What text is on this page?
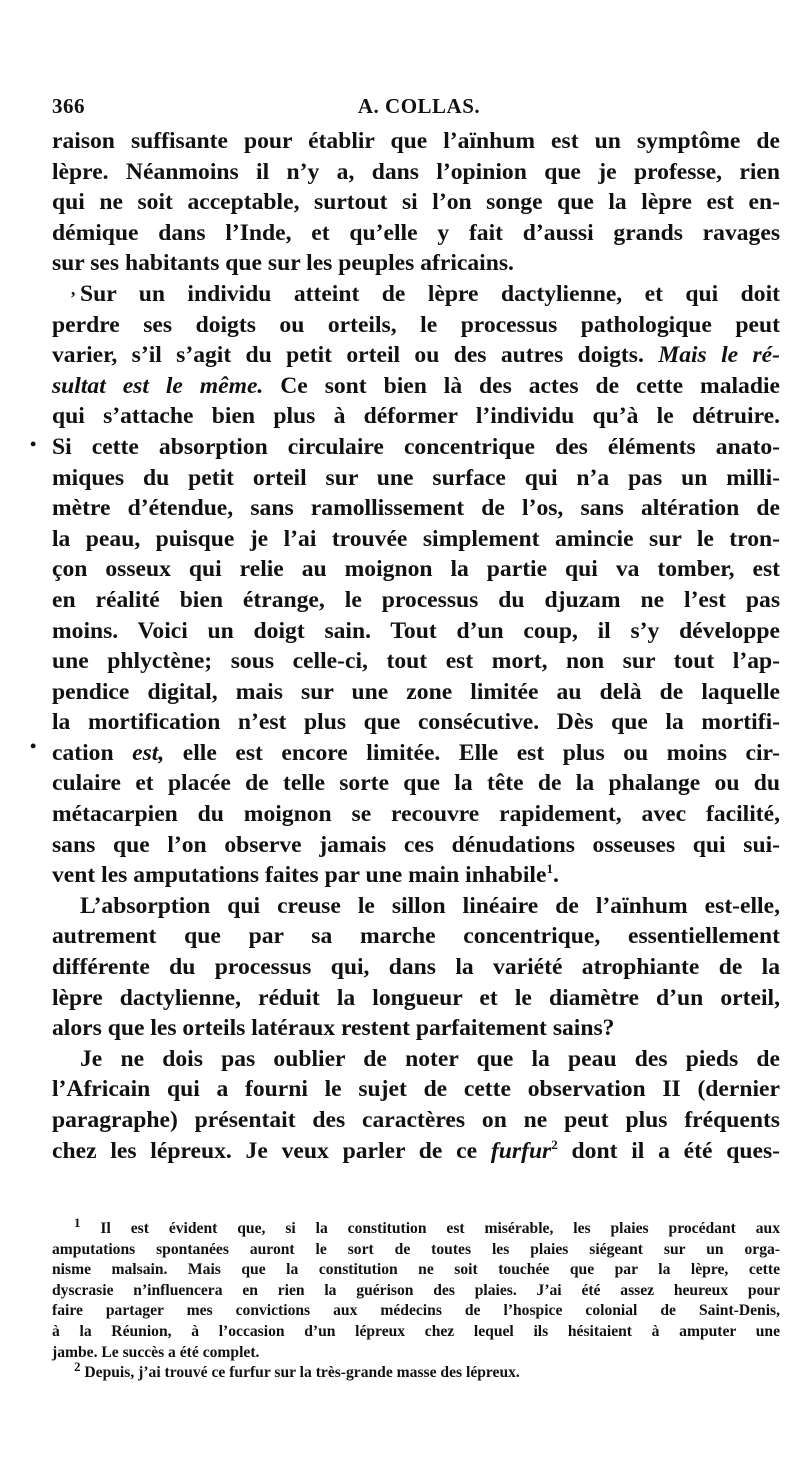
366	A. COLLAS.
’
•
•
raison suffisante pour établir que l’aïnhum est un symptôme de
lèpre. Néanmoins il n’y a, dans l’opinion que je professe, rien
qui ne soit acceptable, surtout si l’on songe que la lèpre est en-
démique dans l’Inde, et qu’elle y fait d’aussi grands ravages
sur ses habitants que sur les peuples africains.
Sur un individu atteint de lèpre dactylienne, et qui doit
perdre ses doigts ou orteils, le processus pathologique peut
varier, s’il s’agit du petit orteil ou des autres doigts. Mais le ré-
sultat est le même. Ce sont bien là des actes de cette maladie
qui s’attache bien plus à déformer l’individu qu’à le détruire.
Si cette absorption circulaire concentrique des éléments anato-
miques du petit orteil sur une surface qui n’a pas un milli-
mètre d’étendue, sans ramollissement de l’os, sans altération de
la peau, puisque je l’ai trouvée simplement amincie sur le tron-
çon osseux qui relie au moignon la partie qui va tomber, est
en réalité bien étrange, le processus du djuzam ne l’est pas
moins. Voici un doigt sain. Tout d’un coup, il s’y développe
une phlyctène; sous celle-ci, tout est mort, non sur tout l’ap-
pendice digital, mais sur une zone limitée au delà de laquelle
la mortification n’est plus que consécutive. Dès que la mortifi-
cation est, elle est encore limitée. Elle est plus ou moins cir-
culaire et placée de telle sorte que la tête de la phalange ou du
métacarpien du moignon se recouvre rapidement, avec facilité,
sans que l’on observe jamais ces dénudations osseuses qui sui-
vent les amputations faites par une main inhabile$^1$.
L’absorption qui creuse le sillon linéaire de l’aïnhum est-elle,
autrement que par sa marche concentrique, essentiellement
différente du processus qui, dans la variété atrophiante de la
lèpre dactylienne, réduit la longueur et le diamètre d’un orteil,
alors que les orteils latéraux restent parfaitement sains?
Je ne dois pas oublier de noter que la peau des pieds de
l’Africain qui a fourni le sujet de cette observation II (dernier
paragraphe) présentait des caractères on ne peut plus fréquents
chez les lépreux. Je veux parler de ce furfur$^2$ dont il a été ques-
$^1$ Il est évident que, si la constitution est misérable, les plaies procédant aux
amputations spontanées auront le sort de toutes les plaies siégeant sur un orga-
nisme malsain. Mais que la constitution ne soit touchée que par la lèpre, cette
dyscrasie n’influencera en rien la guérison des plaies. J’ai été assez heureux pour
faire partager mes convictions aux médecins de l’hospice colonial de Saint-Denis,
à la Réunion, à l’occasion d’un lépreux chez lequel ils hésitaient à amputer une
jambe. Le succès a été complet.
$^2$ Depuis, j’ai trouvé ce furfur sur la très-grande masse des lépreux.
